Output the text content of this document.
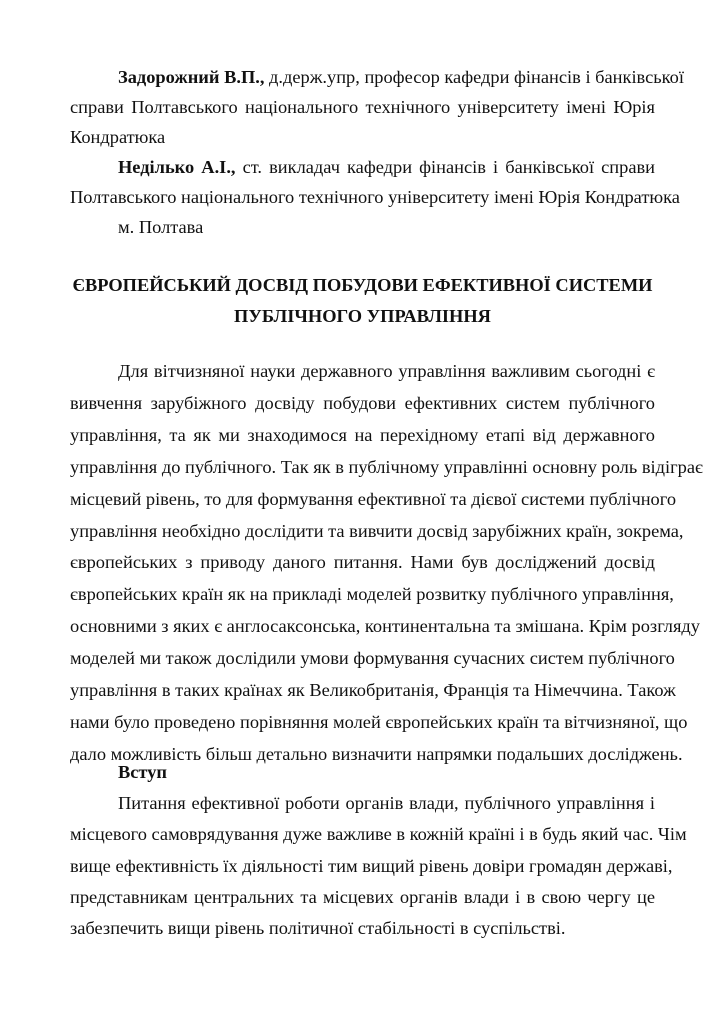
Задорожний В.П., д.держ.упр, професор кафедри фінансів і банківської
справи Полтавського національного технічного університету імені Юрія
Кондратюка
Неділько А.І., ст. викладач кафедри фінансів і банківської справи
Полтавського національного технічного університету імені Юрія Кондратюка
м. Полтава
ЄВРОПЕЙСЬКИЙ ДОСВІД ПОБУДОВИ ЕФЕКТИВНОЇ СИСТЕМИ
ПУБЛІЧНОГО УПРАВЛІННЯ
Для вітчизняної науки державного управління важливим сьогодні є
вивчення зарубіжного досвіду побудови ефективних систем публічного
управління, та як ми знаходимося на перехідному етапі від державного
управління до публічного. Так як в публічному управлінні основну роль відіграє
місцевий рівень, то для формування ефективної та дієвої системи публічного
управління необхідно дослідити та вивчити досвід зарубіжних країн, зокрема,
європейських з приводу даного питання. Нами був досліджений досвід
європейських країн як на прикладі моделей розвитку публічного управління,
основними з яких є англосаксонська, континентальна та змішана. Крім розгляду
моделей ми також дослідили умови формування сучасних систем публічного
управління в таких країнах як Великобританія, Франція та Німеччина. Також
нами було проведено порівняння молей європейських країн та вітчизняної, що
дало можливість більш детально визначити напрямки подальших досліджень.
Вступ
Питання ефективної роботи органів влади, публічного управління і
місцевого самоврядування дуже важливе в кожній країні і в будь який час. Чім
вище ефективність їх діяльності тим вищий рівень довіри громадян державі,
представникам центральних та місцевих органів влади і в свою чергу це
забезпечить вищи рівень політичної стабільності в суспільстві.
